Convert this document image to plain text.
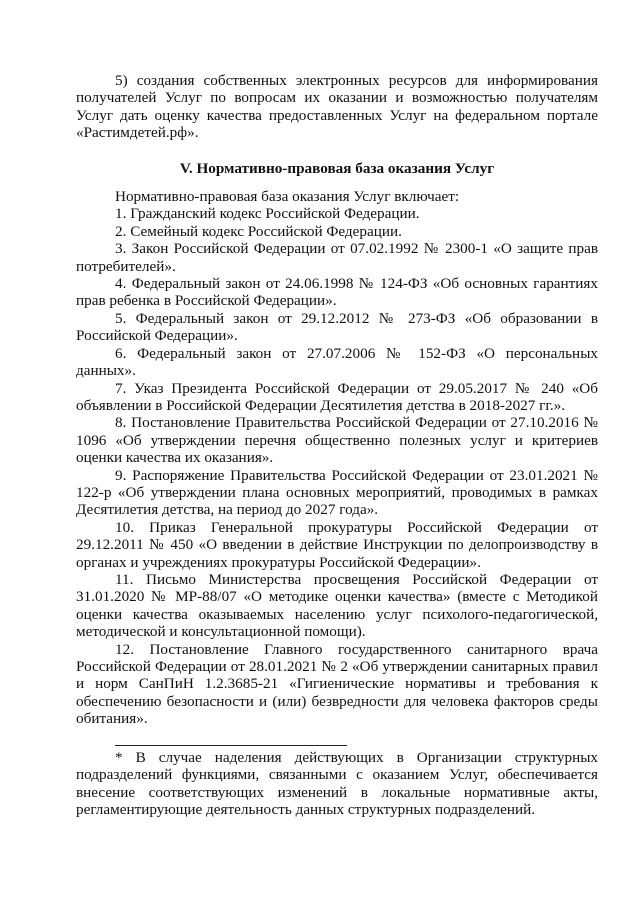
5) создания собственных электронных ресурсов для информирования получателей Услуг по вопросам их оказании и возможностью получателям Услуг дать оценку качества предоставленных Услуг на федеральном портале «Растимдетей.рф».

V. Нормативно-правовая база оказания Услуг

Нормативно-правовая база оказания Услуг включает:

1. Гражданский кодекс Российской Федерации.

2. Семейный кодекс Российской Федерации.

3. Закон Российской Федерации от 07.02.1992 № 2300-1 «О защите прав потребителей».

4. Федеральный закон от 24.06.1998 № 124-ФЗ «Об основных гарантиях прав ребенка в Российской Федерации».

5. Федеральный закон от 29.12.2012 № 273-ФЗ «Об образовании в Российской Федерации».

6. Федеральный закон от 27.07.2006 № 152-ФЗ «О персональных данных».

7. Указ Президента Российской Федерации от 29.05.2017 № 240 «Об объявлении в Российской Федерации Десятилетия детства в 2018-2027 гг.».

8. Постановление Правительства Российской Федерации от 27.10.2016 № 1096 «Об утверждении перечня общественно полезных услуг и критериев оценки качества их оказания».

9. Распоряжение Правительства Российской Федерации от 23.01.2021 № 122-р «Об утверждении плана основных мероприятий, проводимых в рамках Десятилетия детства, на период до 2027 года».

10. Приказ Генеральной прокуратуры Российской Федерации от 29.12.2011 № 450 «О введении в действие Инструкции по делопроизводству в органах и учреждениях прокуратуры Российской Федерации».

11. Письмо Министерства просвещения Российской Федерации от 31.01.2020 № МР-88/07 «О методике оценки качества» (вместе с Методикой оценки качества оказываемых населению услуг психолого-педагогической, методической и консультационной помощи).

12. Постановление Главного государственного санитарного врача Российской Федерации от 28.01.2021 № 2 «Об утверждении санитарных правил и норм СанПиН 1.2.3685-21 «Гигиенические нормативы и требования к обеспечению безопасности и (или) безвредности для человека факторов среды обитания».

* В случае наделения действующих в Организации структурных подразделений функциями, связанными с оказанием Услуг, обеспечивается внесение соответствующих изменений в локальные нормативные акты, регламентирующие деятельность данных структурных подразделений.
